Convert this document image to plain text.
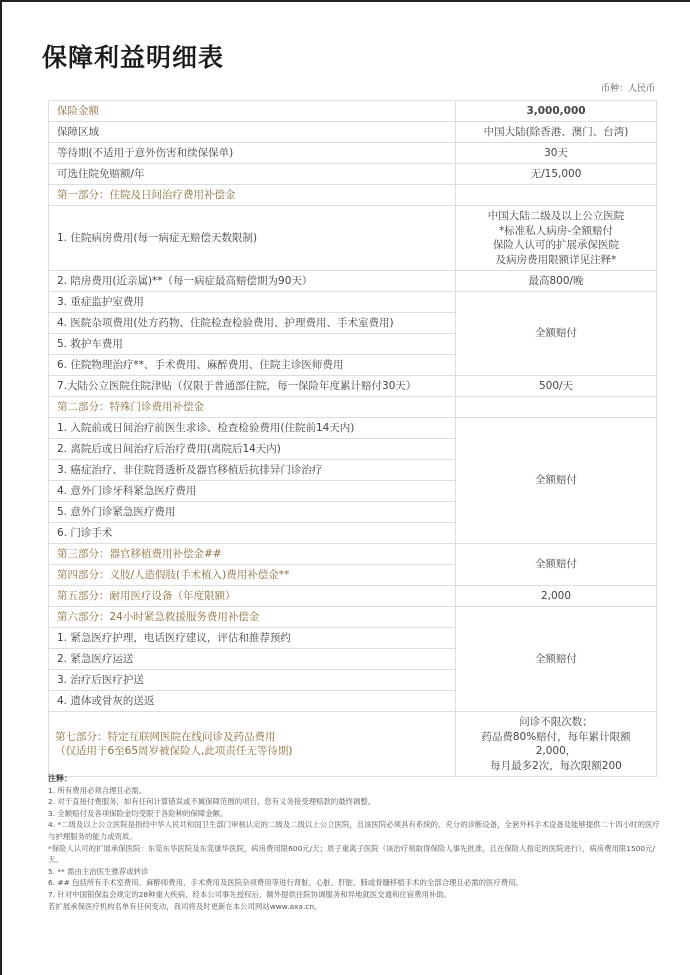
保障利益明细表
币种：人民币
保险金额	3,000,000
保障区域	中国大陆(除香港、澳门、台湾)
等待期(不适用于意外伤害和续保保单)	30天
可选住院免赔额/年	无/15,000
第一部分：住院及日间治疗费用补偿金	
1. 住院病房费用(每一病症无赔偿天数限制)	中国大陆二级及以上公立医院
*标准私人病房-全额赔付
保险人认可的扩展承保医院
及病房费用限额详见注释*

2. 陪房费用(近亲属)**（每一病症最高赔偿期为90天）	最高800/晚
3. 重症监护室费用	全额赔付
4. 医院杂项费用(处方药物、住院检查检验费用、护理费用、手术室费用)	
5. 救护车费用	
6. 住院物理治疗**、手术费用、麻醉费用、住院主诊医师费用	
7.大陆公立医院住院津贴（仅限于普通部住院，每一保险年度累计赔付30天）	500/天
第二部分：特殊门诊费用补偿金	
1. 入院前或日间治疗前医生求诊、检查检验费用(住院前14天内)	全额赔付
2. 离院后或日间治疗后治疗费用(离院后14天内)	
3. 癌症治疗、非住院肾透析及器官移植后抗排异门诊治疗	
4. 意外门诊牙科紧急医疗费用	
5. 意外门诊紧急医疗费用	
6. 门诊手术	
第三部分：器官移植费用补偿金##	全额赔付
第四部分：义肢/人造假肢(手术植入)费用补偿金**	
第五部分：耐用医疗设备（年度限额）	2,000
第六部分：24小时紧急救援服务费用补偿金	全额赔付
1. 紧急医疗护理，电话医疗建议，评估和推荐预约	
2. 紧急医疗运送	
3. 治疗后医疗护送	
4. 遗体或骨灰的送返	

第七部分：特定互联网医院在线问诊及药品费用
（仅适用于6至65周岁被保险人,此项责任无等待期)

问诊不限次数；
药品费80%赔付，每年累计限额2,000，
每月最多2次，每次限额200
注释：
1. 所有费用必须合理且必需。
2. 对于直接付费服务，如有任何计算错误或不属保障范围的项目，您有义务接受理赔款的最终调整。
3. 全额赔付及各项保险金均受限于各险种的保障金额。
4. *二级及以上公立医院是指经中华人民共和国卫生部门审核认定的二级及二级以上公立医院，且该医院必须具有系统的、充分的诊断设备，全套外科手术设备及能够提供二十四小时的医疗与护理服务的能力或资质。
*保险人认可的扩展承保医院：东莞东华医院及东莞康华医院，病房费用限600元/天；质子重离子医院（该治疗须取得保险人事先批准，且在保险人指定的医院进行），病房费用限1500元/天。
5. ** 需由主治医生推荐或转诊
6. ## 包括所有手术室费用、麻醉师费用、手术费用及医院杂项费用等进行肾脏、心脏、肝脏、肺或骨髓移植手术的全部合理且必需的医疗费用。
7. 针对中国银保监会规定的28种重大疾病，经本公司事先授权后，额外提供住院协调服务和异地就医交通和住宿费用补助。
若扩展承保医疗机构名单有任何变动，我司将及时更新在本公司网站www.axa.cn。
